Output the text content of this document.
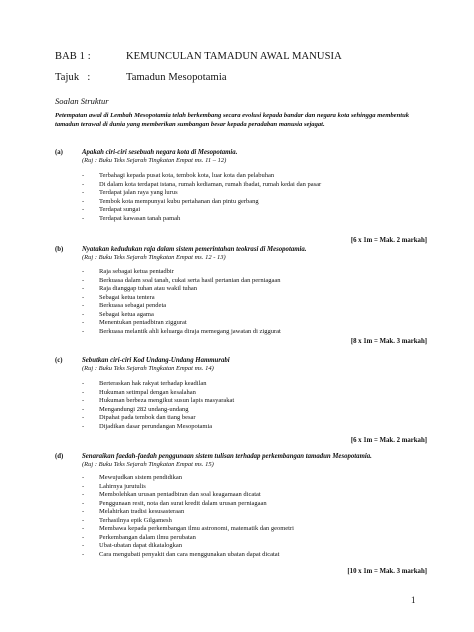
BAB 1 :	KEMUNCULAN TAMADUN AWAL MANUSIA
Tajuk   :	Tamadun Mesopotamia
Soalan Struktur
Petempatan awal di Lembah Mesopotamia telah berkembang secara evolusi kepada bandar dan negara kota sehingga membentuk tamadun terawal di dunia yang memberikan sumbangan besar kepada peradaban manusia sejagat.
(a)	Apakah ciri-ciri sesebuah negara kota di Mesopotamia.
(Ruj : Buku Teks Sejarah Tingkatan Empat ms. 11 – 12)
- Terbahagi kepada pusat kota, tembok kota, luar kota dan pelabuhan
- Di dalam kota terdapat istana, rumah kediaman, rumah ibadat, rumah kedai dan pasar
- Terdapat jalan raya yang lurus
- Tembok kota mempunyai kubu pertahanan dan pintu gerbang
- Terdapat sungai
- Terdapat kawasan tanah pamah
[6 x 1m = Mak. 2 markah]
(b)	Nyatakan kedudukan raja dalam sistem pemerintahan teokrasi di Mesopotamia.
(Ruj : Buku Teks Sejarah Tingkatan Empat ms. 12 - 13)
- Raja sebagai ketua pentadbir
- Berkuasa dalam soal tanah, cukai serta hasil pertanian dan perniagaan
- Raja dianggap tuhan atau wakil tuhan
- Sebagai ketua tentera
- Berkuasa sebagai pendeta
- Sebagai ketua agama
- Menentukan pentadbiran ziggurat
- Berkuasa melantik ahli keluarga diraja memegang jawatan di ziggurat
[8 x 1m = Mak. 3 markah]
(c)	Sebutkan ciri-ciri Kod Undang-Undang Hammurabi
(Ruj : Buku Teks Sejarah Tingkatan Empat ms. 14)
- Berteraskan hak rakyat terhadap keadilan
- Hukuman setimpal dengan kesalahan
- Hukuman berbeza mengikut susun lapis masyarakat
- Mengandungi 282 undang-undang
- Dipahat pada tembok dan tiang besar
- Dijadikan dasar perundangan Mesopotamia
[6 x 1m = Mak. 2 markah]
(d)	Senaraikan faedah-faedah penggunaan sistem tulisan terhadap perkembangan tamadun Mesopotamia.
(Ruj : Buku Teks Sejarah Tingkatan Empat ms. 15)
- Mewujudkan sistem pendidikan
- Lahirnya jurutulis
- Membolehkan urusan pentadbiran dan soal keagamaan dicatat
- Penggunaan resit, nota dan surat kredit dalam urusan perniagaan
- Melahirkan tradisi kesusasteraan
- Terhasilnya epik Gilgamesh
- Membawa kepada perkembangan ilmu astronomi, matematik dan geometri
- Perkembangan dalam ilmu perubatan
- Ubat-ubatan dapat dikatalogkan
- Cara mengubati penyakit dan cara menggunakan ubatan dapat dicatat
[10 x 1m = Mak. 3 markah]
1
